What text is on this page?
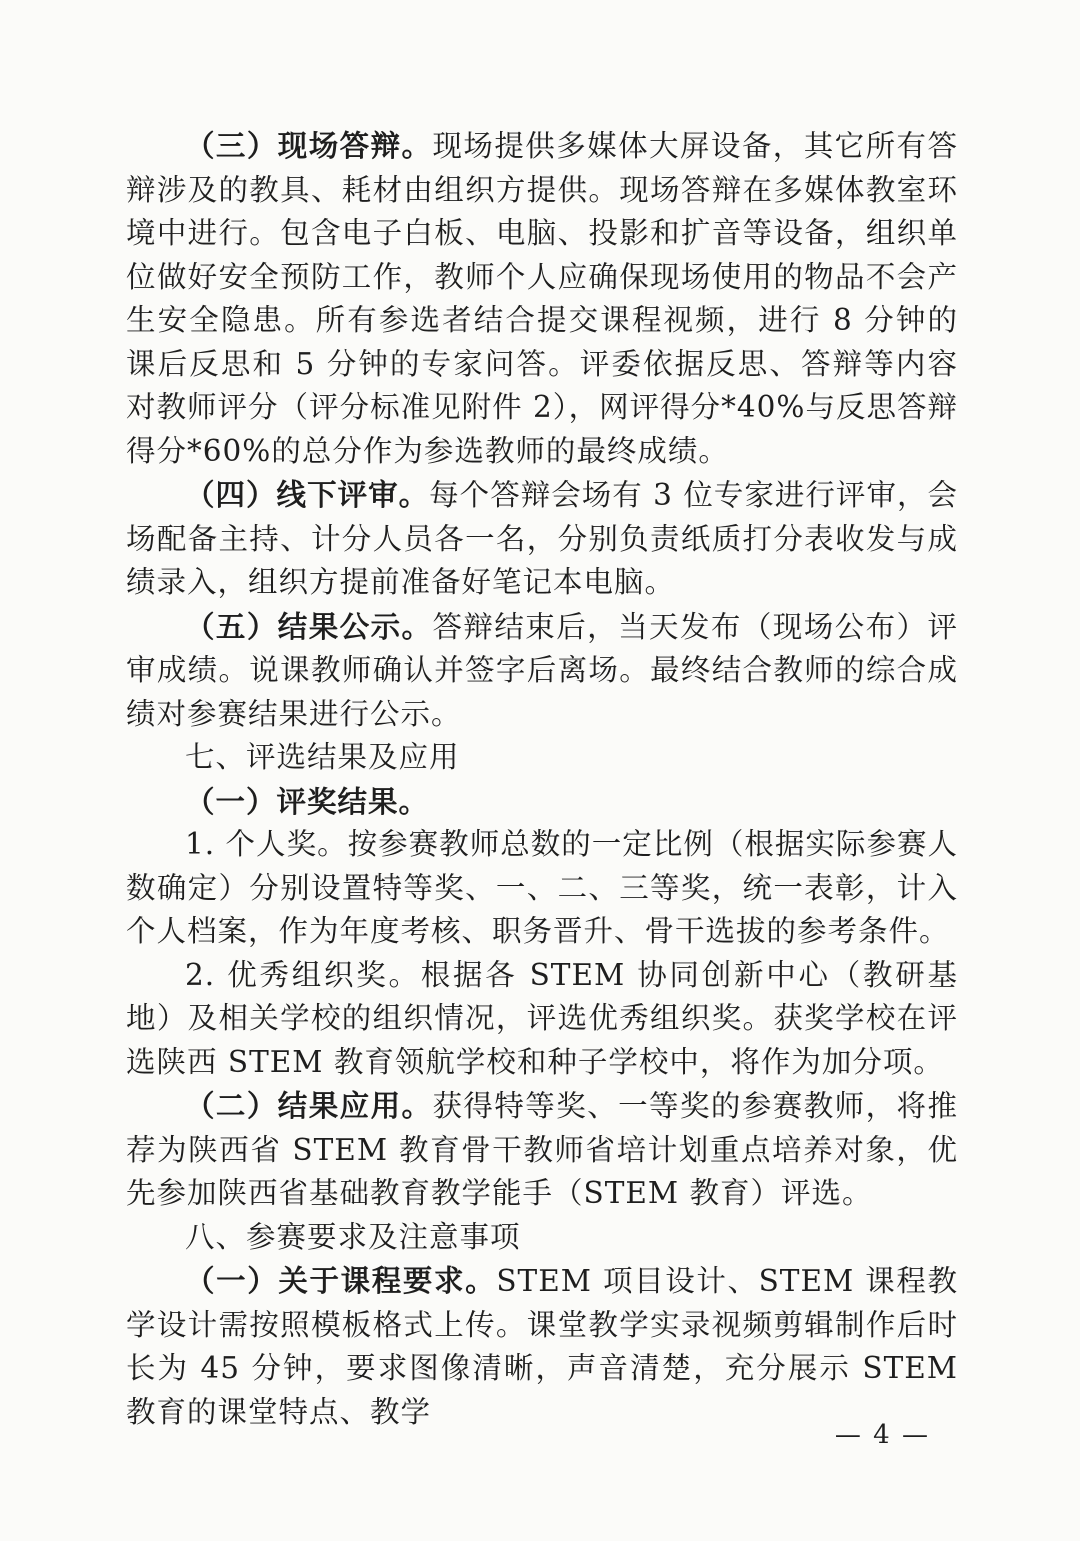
（三）现场答辩。现场提供多媒体大屏设备，其它所有答辩涉及的教具、耗材由组织方提供。现场答辩在多媒体教室环境中进行。包含电子白板、电脑、投影和扩音等设备，组织单位做好安全预防工作，教师个人应确保现场使用的物品不会产生安全隐患。所有参选者结合提交课程视频，进行 8 分钟的课后反思和 5 分钟的专家问答。评委依据反思、答辩等内容对教师评分（评分标准见附件 2），网评得分*40%与反思答辩得分*60%的总分作为参选教师的最终成绩。

（四）线下评审。每个答辩会场有 3 位专家进行评审，会场配备主持、计分人员各一名，分别负责纸质打分表收发与成绩录入，组织方提前准备好笔记本电脑。

（五）结果公示。答辩结束后，当天发布（现场公布）评审成绩。说课教师确认并签字后离场。最终结合教师的综合成绩对参赛结果进行公示。

七、评选结果及应用

（一）评奖结果。

1. 个人奖。按参赛教师总数的一定比例（根据实际参赛人数确定）分别设置特等奖、一、二、三等奖，统一表彰，计入个人档案，作为年度考核、职务晋升、骨干选拔的参考条件。

2. 优秀组织奖。根据各 STEM 协同创新中心（教研基地）及相关学校的组织情况，评选优秀组织奖。获奖学校在评选陕西 STEM 教育领航学校和种子学校中，将作为加分项。

（二）结果应用。获得特等奖、一等奖的参赛教师，将推荐为陕西省 STEM 教育骨干教师省培计划重点培养对象，优先参加陕西省基础教育教学能手（STEM 教育）评选。

八、参赛要求及注意事项

（一）关于课程要求。STEM 项目设计、STEM 课程教学设计需按照模板格式上传。课堂教学实录视频剪辑制作后时长为 45 分钟，要求图像清晰，声音清楚，充分展示 STEM 教育的课堂特点、教学

— 4 —
